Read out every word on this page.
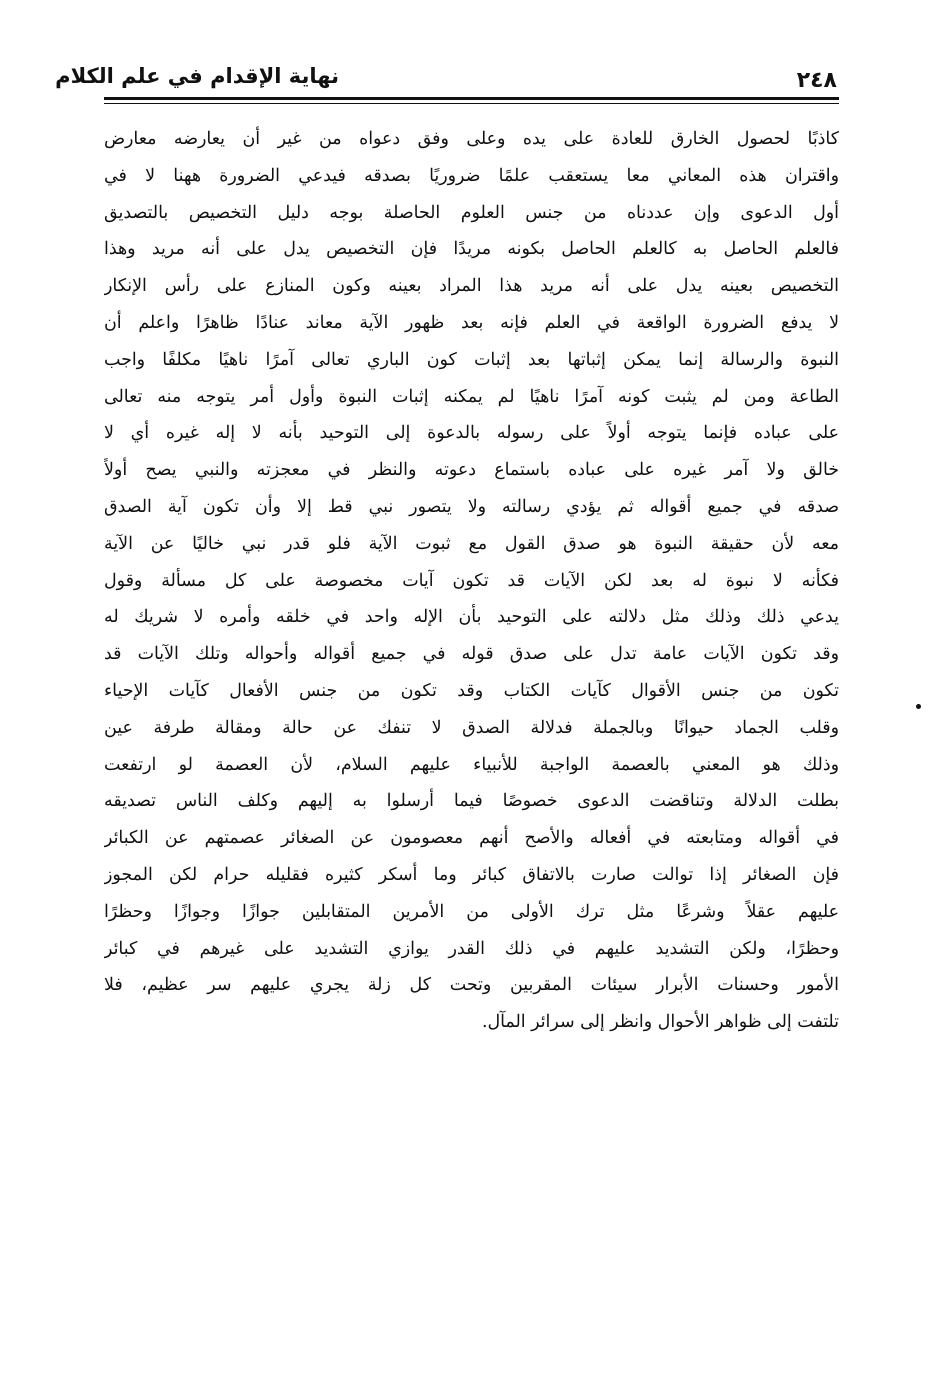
٢٤٨
نهاية الإقدام في علم الكلام
كاذبًا لحصول الخارق للعادة على يده وعلى وفق دعواه من غير أن يعارضه معارض
واقتران هذه المعاني معا يستعقب علمًا ضروريًا بصدقه فيدعي الضرورة ههنا لا في
أول الدعوى وإن عددناه من جنس العلوم الحاصلة بوجه دليل التخصيص بالتصديق
فالعلم الحاصل به كالعلم الحاصل بكونه مريدًا فإن التخصيص يدل على أنه مريد وهذا
التخصيص بعينه يدل على أنه مريد هذا المراد بعينه وكون المنازع على رأس الإنكار
لا يدفع الضرورة الواقعة في العلم فإنه بعد ظهور الآية معاند عنادًا ظاهرًا واعلم أن
النبوة والرسالة إنما يمكن إثباتها بعد إثبات كون الباري تعالى آمرًا ناهيًا مكلفًا واجب
الطاعة ومن لم يثبت كونه آمرًا ناهيًا لم يمكنه إثبات النبوة وأول أمر يتوجه منه تعالى
على عباده فإنما يتوجه أولاً على رسوله بالدعوة إلى التوحيد بأنه لا إله غيره أي لا
خالق ولا آمر غيره على عباده باستماع دعوته والنظر في معجزته والنبي يصح أولاً
صدقه في جميع أقواله ثم يؤدي رسالته ولا يتصور نبي قط إلا وأن تكون آية الصدق
معه لأن حقيقة النبوة هو صدق القول مع ثبوت الآية فلو قدر نبي خاليًا عن الآية
فكأنه لا نبوة له بعد لكن الآيات قد تكون آيات مخصوصة على كل مسألة وقول
يدعي ذلك وذلك مثل دلالته على التوحيد بأن الإله واحد في خلقه وأمره لا شريك له
وقد تكون الآيات عامة تدل على صدق قوله في جميع أقواله وأحواله وتلك الآيات قد
تكون من جنس الأقوال كآيات الكتاب وقد تكون من جنس الأفعال كآيات الإحياء
وقلب الجماد حيوانًا وبالجملة فدلالة الصدق لا تنفك عن حالة ومقالة طرفة عين
وذلك هو المعني بالعصمة الواجبة للأنبياء عليهم السلام، لأن العصمة لو ارتفعت
بطلت الدلالة وتناقضت الدعوى خصوصًا فيما أرسلوا به إليهم وكلف الناس تصديقه
في أقواله ومتابعته في أفعاله والأصح أنهم معصومون عن الصغائر عصمتهم عن الكبائر
فإن الصغائر إذا توالت صارت بالاتفاق كبائر وما أسكر كثيره فقليله حرام لكن المجوز
عليهم عقلاً وشرعًا مثل ترك الأولى من الأمرين المتقابلين جوازًا وجوازًا وحظرًا
وحظرًا، ولكن التشديد عليهم في ذلك القدر يوازي التشديد على غيرهم في كبائر
الأمور وحسنات الأبرار سيئات المقربين وتحت كل زلة يجري عليهم سر عظيم، فلا
تلتفت إلى ظواهر الأحوال وانظر إلى سرائر المآل.
